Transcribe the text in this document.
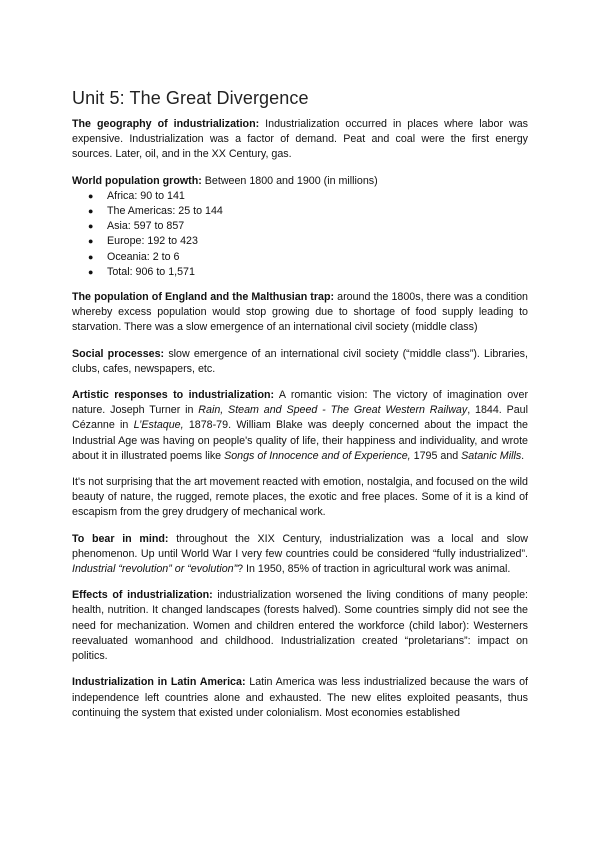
Unit 5: The Great Divergence

The geography of industrialization: Industrialization occurred in places where labor was expensive. Industrialization was a factor of demand. Peat and coal were the first energy sources. Later, oil, and in the XX Century, gas.

World population growth: Between 1800 and 1900 (in millions)

● Africa: 90 to 141
● The Americas: 25 to 144
● Asia: 597 to 857
● Europe: 192 to 423
● Oceania: 2 to 6
● Total: 906 to 1,571

The population of England and the Malthusian trap: around the 1800s, there was a condition whereby excess population would stop growing due to shortage of food supply leading to starvation. There was a slow emergence of an international civil society (middle class)

Social processes: slow emergence of an international civil society (“middle class”). Libraries, clubs, cafes, newspapers, etc.

Artistic responses to industrialization: A romantic vision: The victory of imagination over nature. Joseph Turner in Rain, Steam and Speed - The Great Western Railway, 1844. Paul Cézanne in L’Estaque, 1878-79. William Blake was deeply concerned about the impact the Industrial Age was having on people's quality of life, their happiness and individuality, and wrote about it in illustrated poems like Songs of Innocence and of Experience, 1795 and Satanic Mills.

It's not surprising that the art movement reacted with emotion, nostalgia, and focused on the wild beauty of nature, the rugged, remote places, the exotic and free places. Some of it is a kind of escapism from the grey drudgery of mechanical work.

To bear in mind: throughout the XIX Century, industrialization was a local and slow phenomenon. Up until World War I very few countries could be considered “fully industrialized”. Industrial “revolution” or “evolution”? In 1950, 85% of traction in agricultural work was animal.

Effects of industrialization: industrialization worsened the living conditions of many people: health, nutrition. It changed landscapes (forests halved). Some countries simply did not see the need for mechanization. Women and children entered the workforce (child labor): Westerners reevaluated womanhood and childhood. Industrialization created “proletarians”: impact on politics.

Industrialization in Latin America: Latin America was less industrialized because the wars of independence left countries alone and exhausted. The new elites exploited peasants, thus continuing the system that existed under colonialism. Most economies established
